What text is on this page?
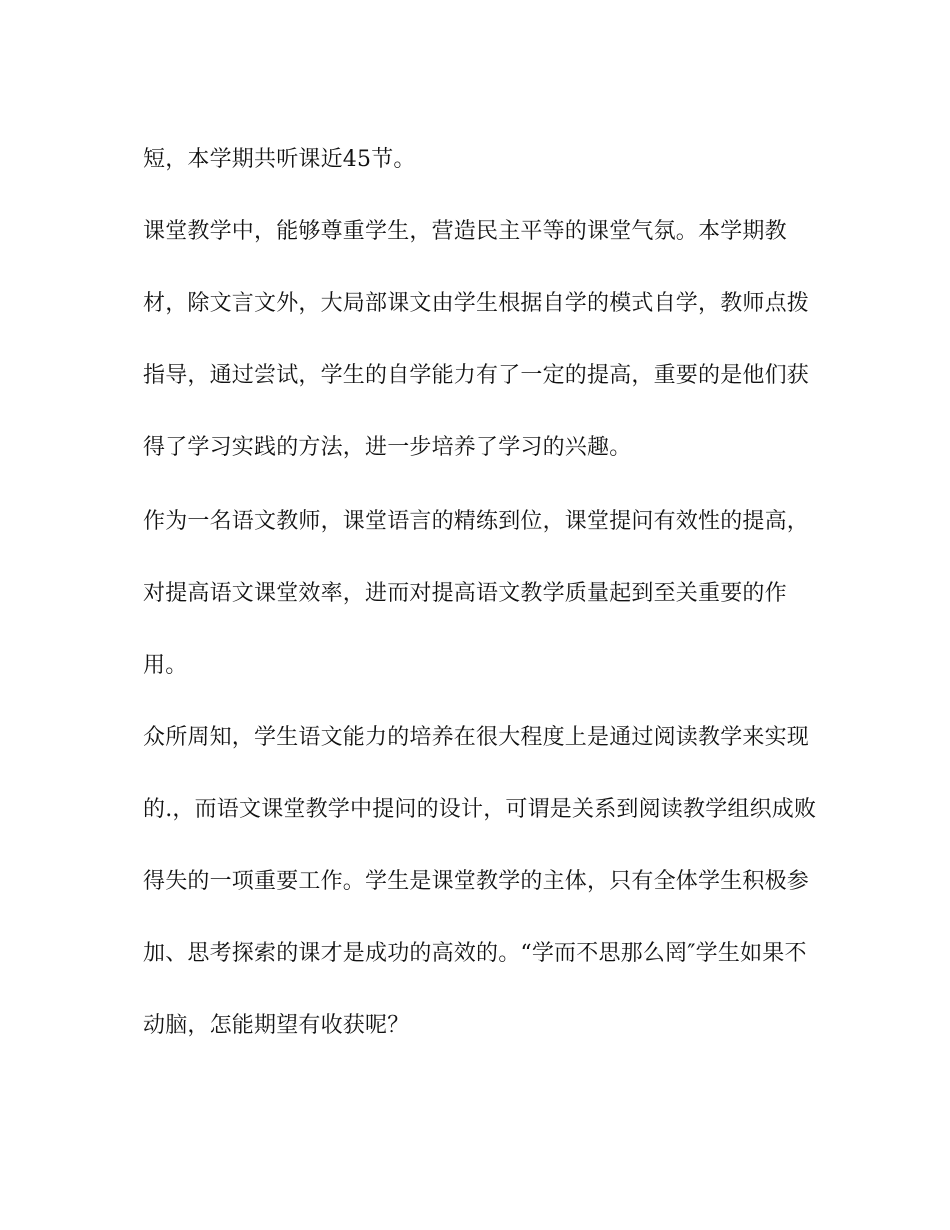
短，本学期共听课近45节。

课堂教学中，能够尊重学生，营造民主平等的课堂气氛。本学期教

材，除文言文外，大局部课文由学生根据自学的模式自学，教师点拨

指导，通过尝试，学生的自学能力有了一定的提高，重要的是他们获

得了学习实践的方法，进一步培养了学习的兴趣。

作为一名语文教师，课堂语言的精练到位，课堂提问有效性的提高，

对提高语文课堂效率，进而对提高语文教学质量起到至关重要的作

用。

众所周知，学生语文能力的培养在很大程度上是通过阅读教学来实现

的.，而语文课堂教学中提问的设计，可谓是关系到阅读教学组织成败

得失的一项重要工作。学生是课堂教学的主体，只有全体学生积极参

加、思考探索的课才是成功的高效的。“学而不思那么罔″学生如果不

动脑，怎能期望有收获呢？
